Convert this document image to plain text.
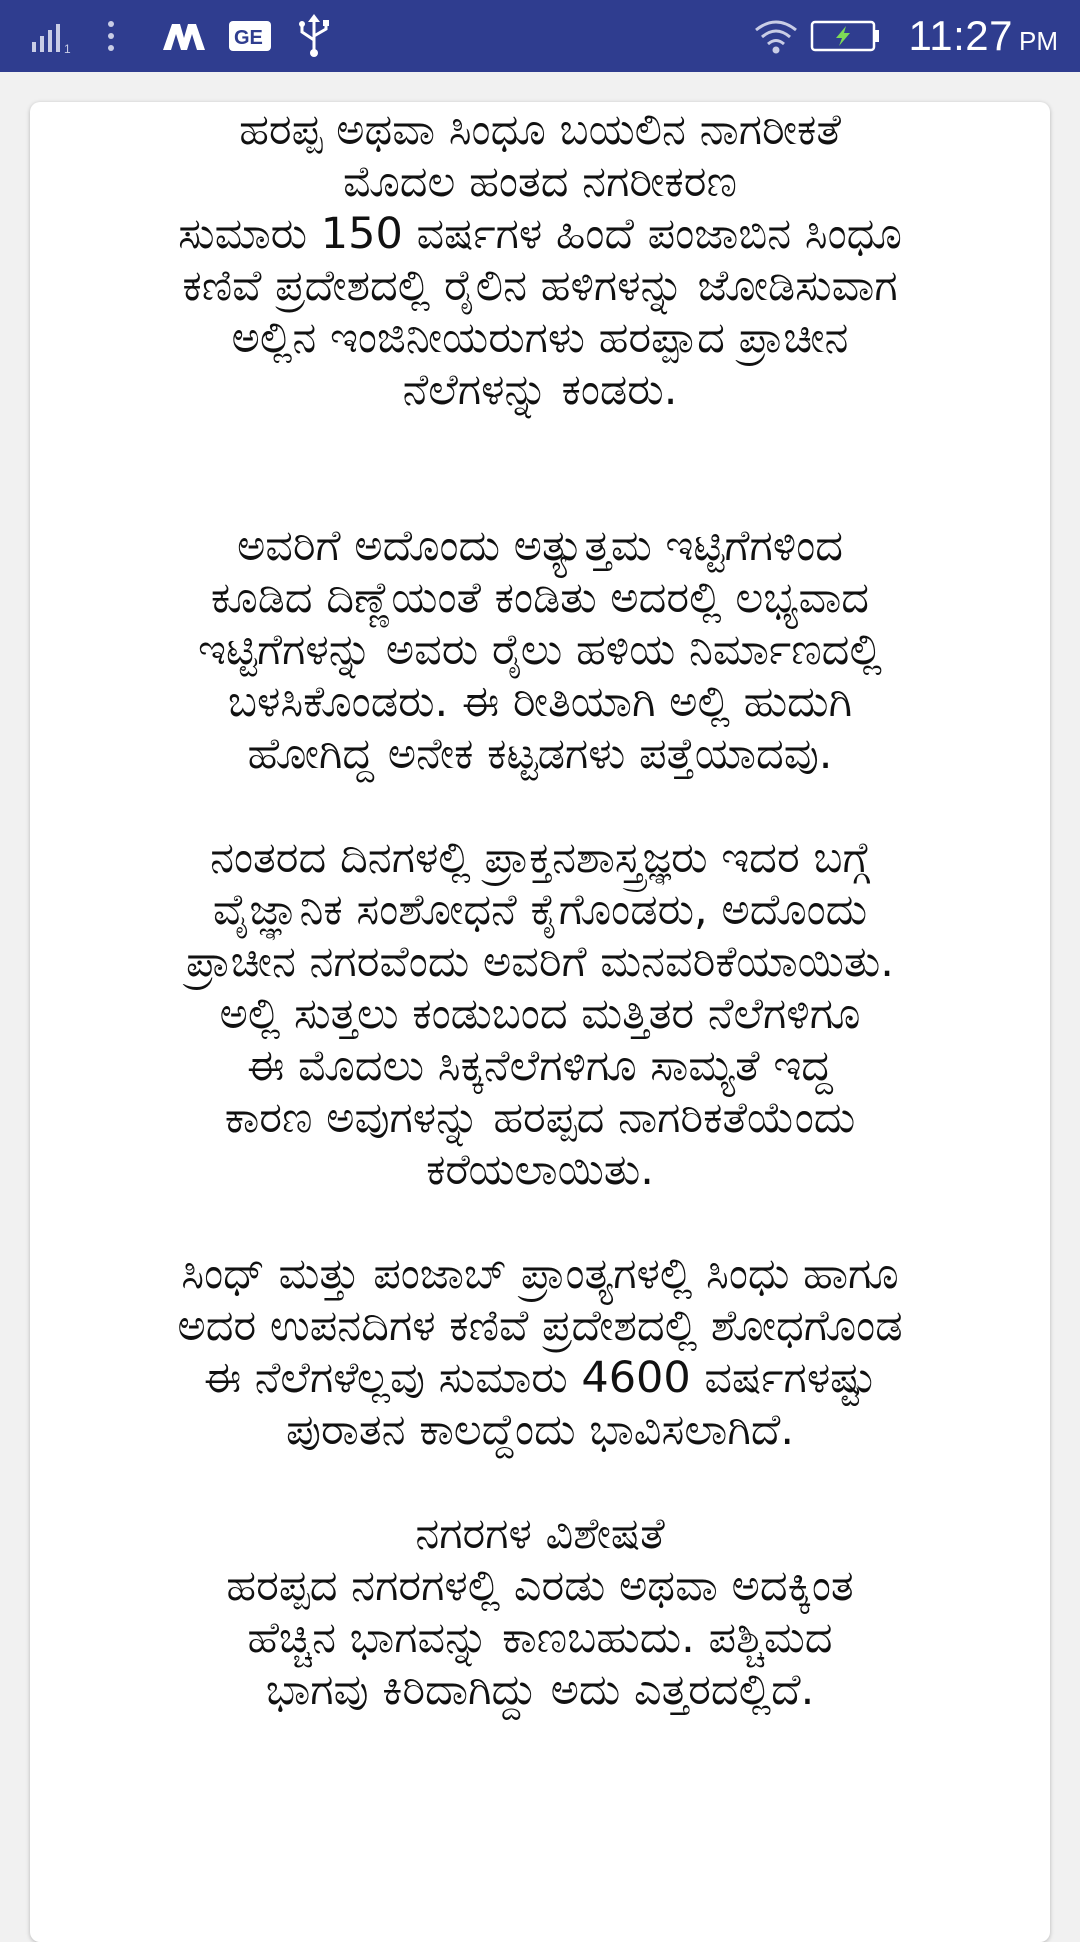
1	GE	11:27 PM
ಹರಪ್ಪ ಅಥವಾ ಸಿಂಧೂ ಬಯಲಿನ ನಾಗರೀಕತೆ
ಮೊದಲ ಹಂತದ ನಗರೀಕರಣ
ಸುಮಾರು 150 ವರ್ಷಗಳ ಹಿಂದೆ ಪಂಜಾಬಿನ ಸಿಂಧೂ
ಕಣಿವೆ ಪ್ರದೇಶದಲ್ಲಿ ರೈಲಿನ ಹಳಿಗಳನ್ನು ಜೋಡಿಸುವಾಗ
ಅಲ್ಲಿನ ಇಂಜಿನೀಯರುಗಳು ಹರಪ್ಪಾದ ಪ್ರಾಚೀನ
ನೆಲೆಗಳನ್ನು ಕಂಡರು.
ಅವರಿಗೆ ಅದೊಂದು ಅತ್ಯುತ್ತಮ ಇಟ್ಟಿಗೆಗಳಿಂದ
ಕೂಡಿದ ದಿಣ್ಣೆಯಂತೆ ಕಂಡಿತು ಅದರಲ್ಲಿ ಲಭ್ಯವಾದ
ಇಟ್ಟಿಗೆಗಳನ್ನು ಅವರು ರೈಲು ಹಳಿಯ ನಿರ್ಮಾಣದಲ್ಲಿ
ಬಳಸಿಕೊಂಡರು. ಈ ರೀತಿಯಾಗಿ ಅಲ್ಲಿ ಹುದುಗಿ
ಹೋಗಿದ್ದ ಅನೇಕ ಕಟ್ಟಡಗಳು ಪತ್ತೆಯಾದವು.
ನಂತರದ ದಿನಗಳಲ್ಲಿ ಪ್ರಾಕ್ತನಶಾಸ್ತ್ರಜ್ಞರು ಇದರ ಬಗ್ಗೆ
ವೈಜ್ಞಾನಿಕ ಸಂಶೋಧನೆ ಕೈಗೊಂಡರು, ಅದೊಂದು
ಪ್ರಾಚೀನ ನಗರವೆಂದು ಅವರಿಗೆ ಮನವರಿಕೆಯಾಯಿತು.
ಅಲ್ಲಿ ಸುತ್ತಲು ಕಂಡುಬಂದ ಮತ್ತಿತರ ನೆಲೆಗಳಿಗೂ
ಈ ಮೊದಲು ಸಿಕ್ಕನೆಲೆಗಳಿಗೂ ಸಾಮ್ಯತೆ ಇದ್ದ
ಕಾರಣ ಅವುಗಳನ್ನು ಹರಪ್ಪದ ನಾಗರಿಕತೆಯೆಂದು
ಕರೆಯಲಾಯಿತು.
ಸಿಂಧ್ ಮತ್ತು ಪಂಜಾಬ್ ಪ್ರಾಂತ್ಯಗಳಲ್ಲಿ ಸಿಂಧು ಹಾಗೂ
ಅದರ ಉಪನದಿಗಳ ಕಣಿವೆ ಪ್ರದೇಶದಲ್ಲಿ ಶೋಧಗೊಂಡ
ಈ ನೆಲೆಗಳೆಲ್ಲವು ಸುಮಾರು 4600 ವರ್ಷಗಳಷ್ಟು
ಪುರಾತನ ಕಾಲದ್ದೆಂದು ಭಾವಿಸಲಾಗಿದೆ.
ನಗರಗಳ ವಿಶೇಷತೆ
ಹರಪ್ಪದ ನಗರಗಳಲ್ಲಿ ಎರಡು ಅಥವಾ ಅದಕ್ಕಿಂತ
ಹೆಚ್ಚಿನ ಭಾಗವನ್ನು ಕಾಣಬಹುದು. ಪಶ್ಚಿಮದ
ಭಾಗವು ಕಿರಿದಾಗಿದ್ದು ಅದು ಎತ್ತರದಲ್ಲಿದೆ.
